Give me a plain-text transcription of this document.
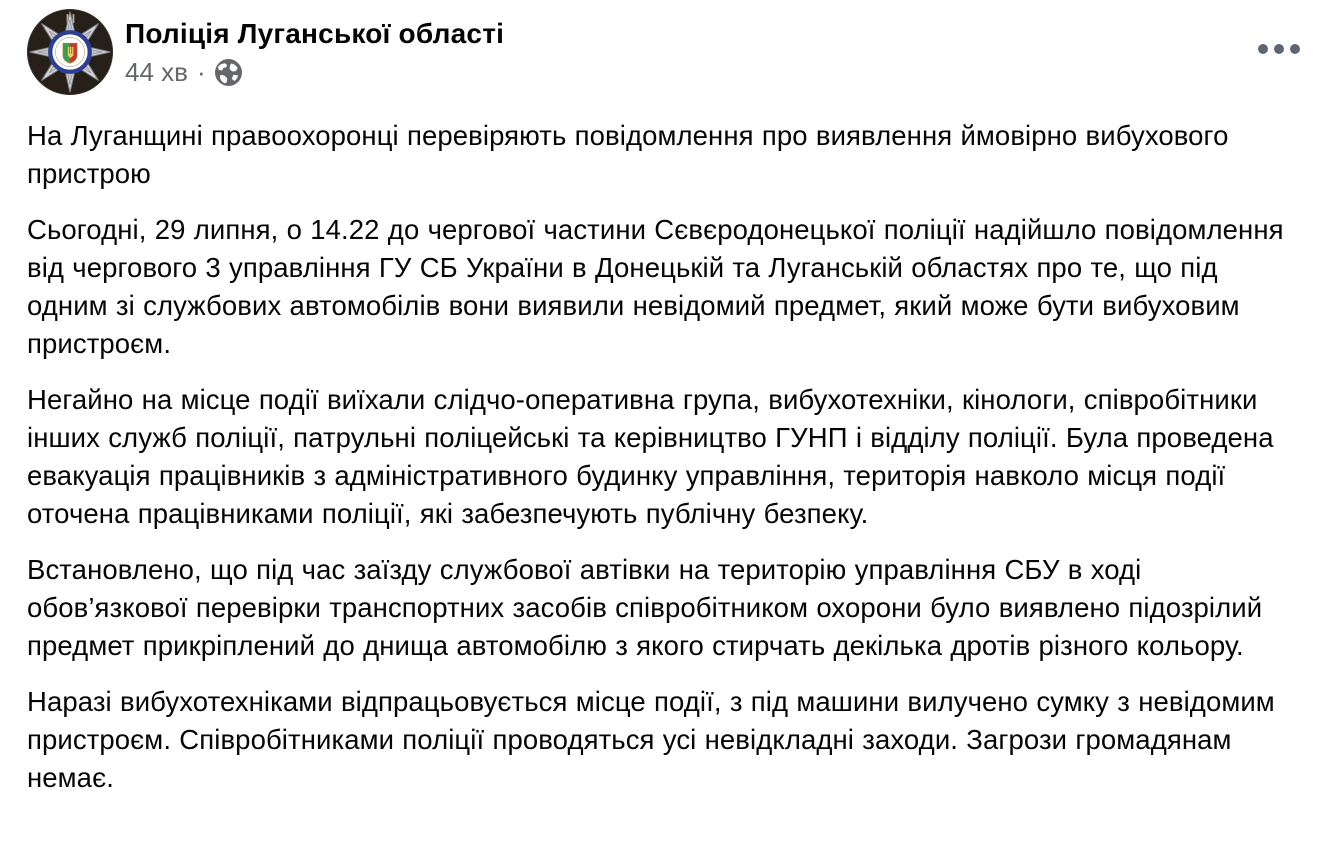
Поліція Луганської області
44 хв ·

На Луганщині правоохоронці перевіряють повідомлення про виявлення ймовірно вибухового пристрою

Сьогодні, 29 липня, о 14.22 до чергової частини Сєвєродонецької поліції надійшло повідомлення від чергового 3 управління ГУ СБ України в Донецькій та Луганській областях про те, що під одним зі службових автомобілів вони виявили невідомий предмет, який може бути вибуховим пристроєм.

Негайно на місце події виїхали слідчо-оперативна група, вибухотехніки, кінологи, співробітники інших служб поліції, патрульні поліцейські та керівництво ГУНП і відділу поліції. Була проведена евакуація працівників з адміністративного будинку управління, територія навколо місця події оточена працівниками поліції, які забезпечують публічну безпеку.

Встановлено, що під час заїзду службової автівки на територію управління СБУ в ході обов’язкової перевірки транспортних засобів співробітником охорони було виявлено підозрілий предмет прикріплений до днища автомобілю з якого стирчать декілька дротів різного кольору.

Наразі вибухотехніками відпрацьовується місце події, з під машини вилучено сумку з невідомим пристроєм. Співробітниками поліції проводяться усі невідкладні заходи. Загрози громадянам немає.
